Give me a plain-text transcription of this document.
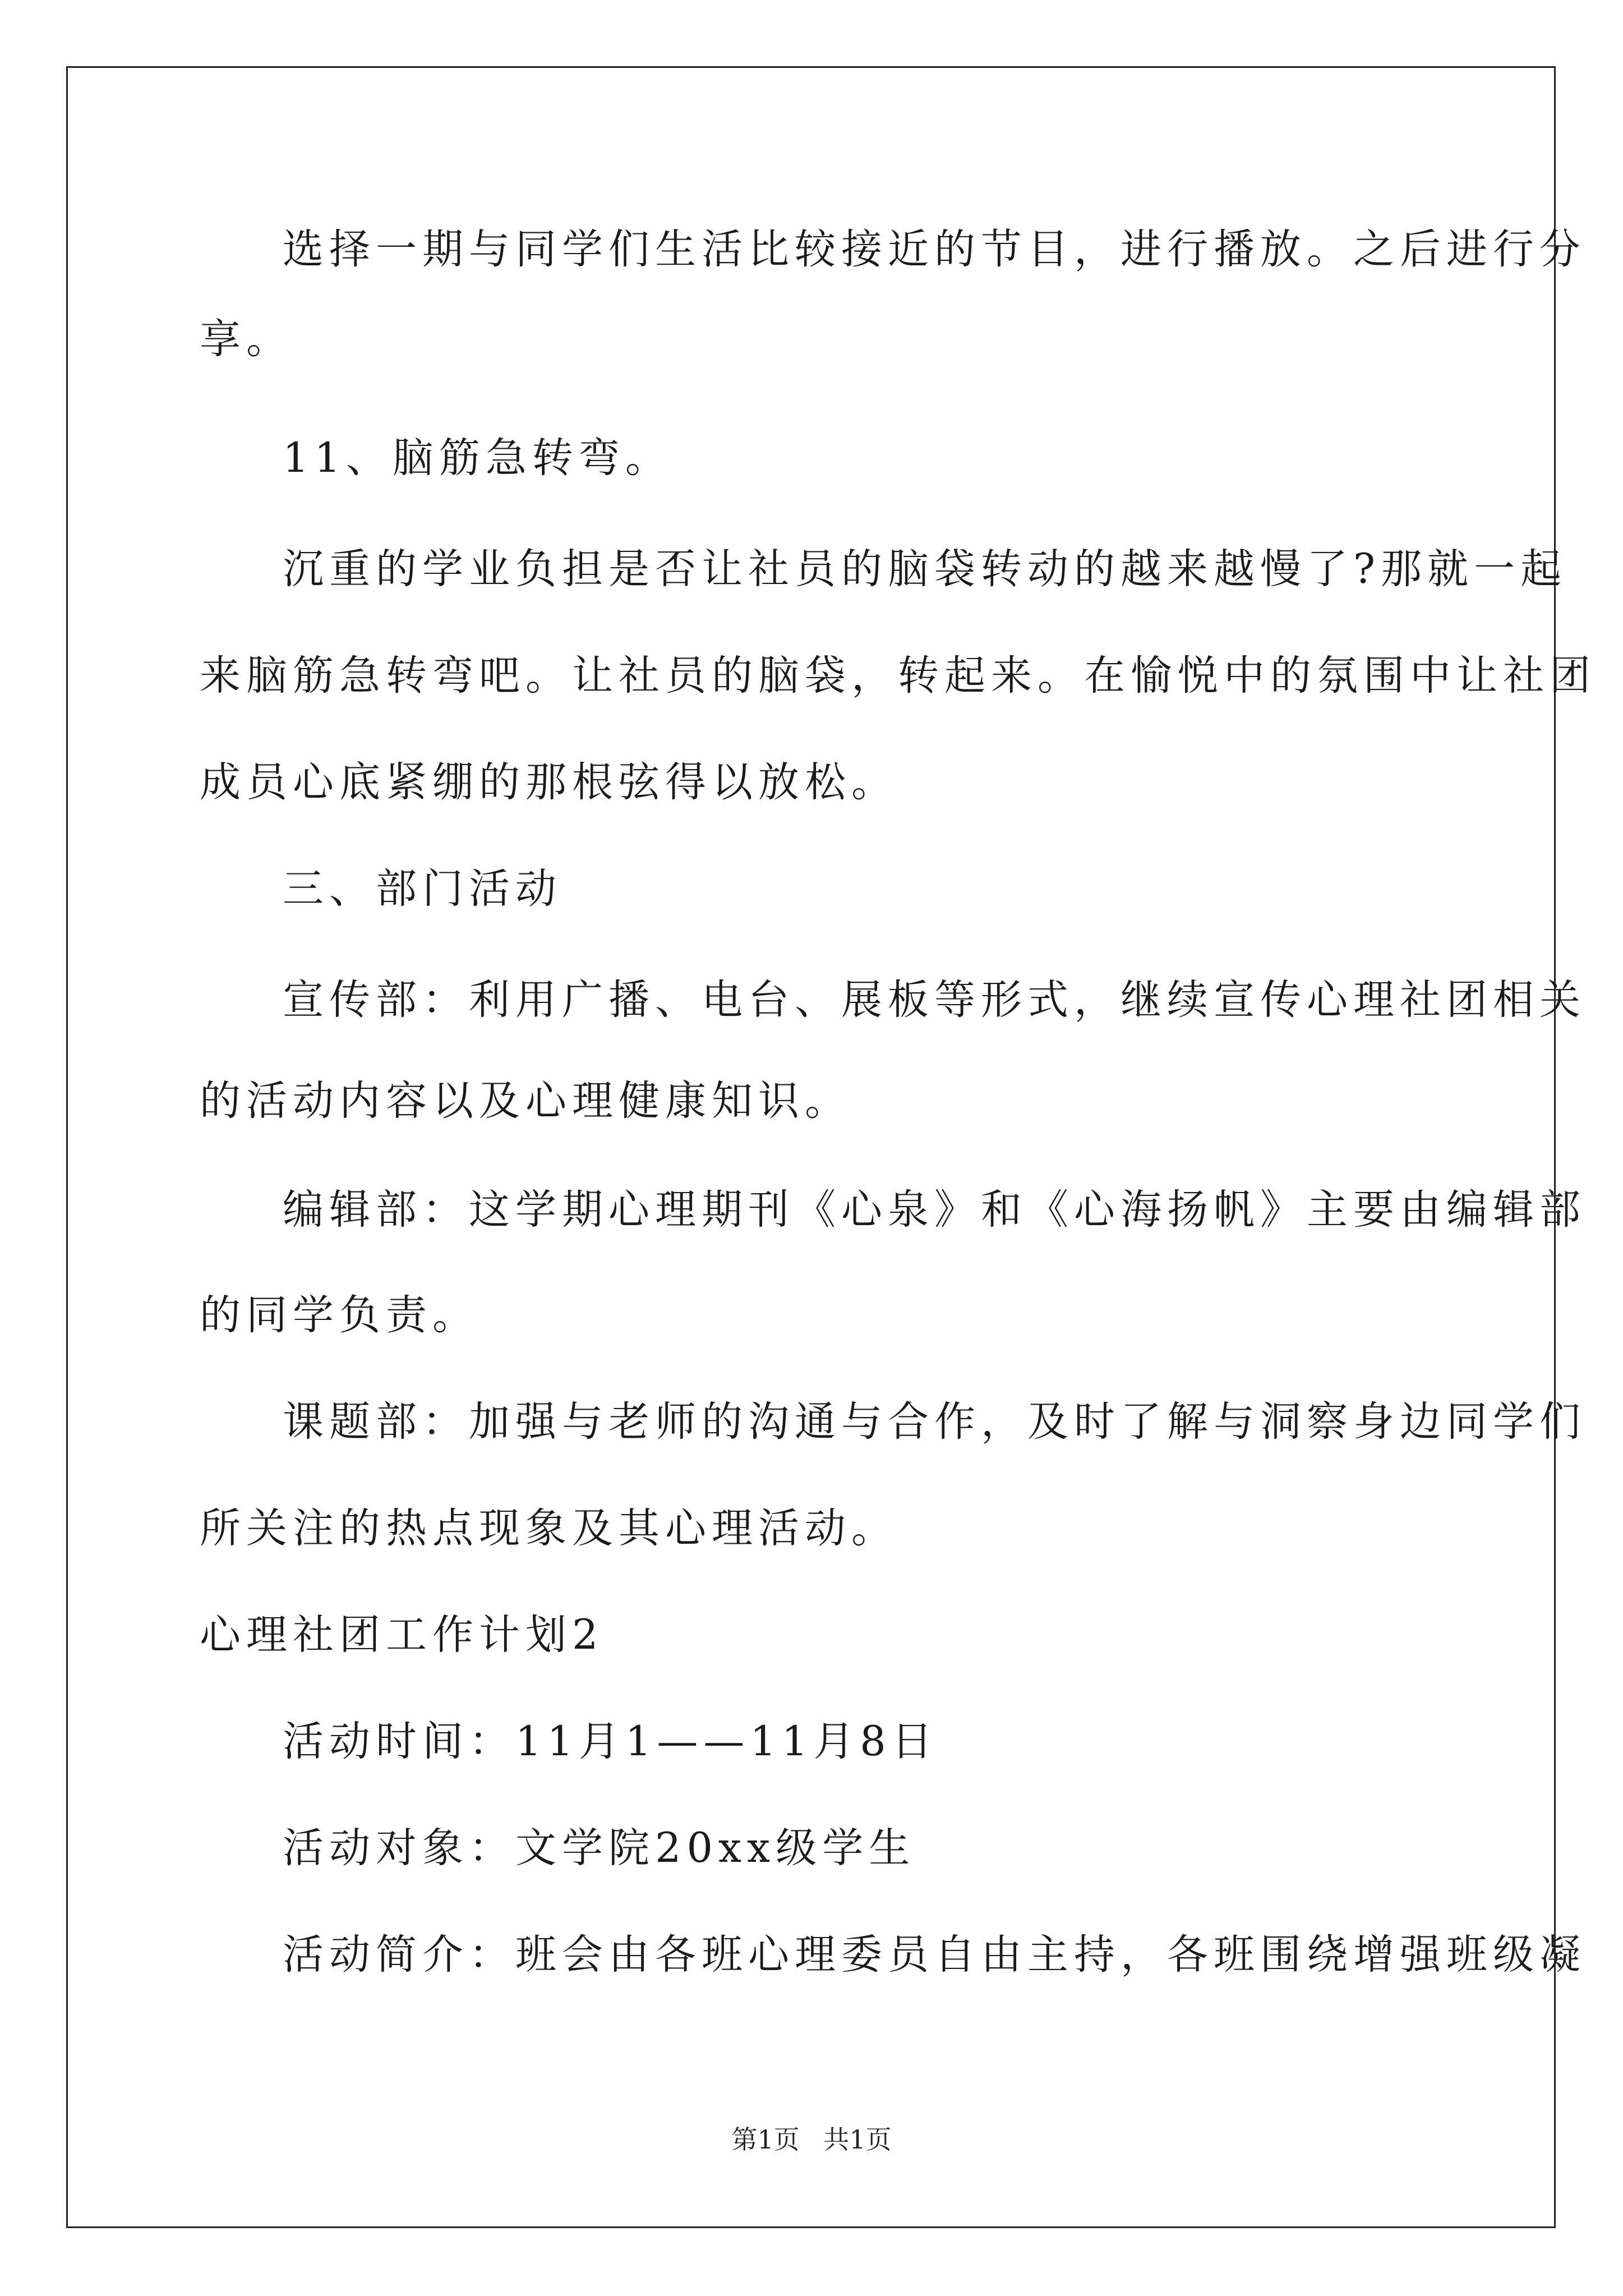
选择一期与同学们生活比较接近的节目，进行播放。之后进行分
享。
11、脑筋急转弯。
沉重的学业负担是否让社员的脑袋转动的越来越慢了?那就一起
来脑筋急转弯吧。让社员的脑袋，转起来。在愉悦中的氛围中让社团
成员心底紧绷的那根弦得以放松。
三、部门活动
宣传部：利用广播、电台、展板等形式，继续宣传心理社团相关
的活动内容以及心理健康知识。
编辑部：这学期心理期刊《心泉》和《心海扬帆》主要由编辑部
的同学负责。
课题部：加强与老师的沟通与合作，及时了解与洞察身边同学们
所关注的热点现象及其心理活动。
心理社团工作计划2
活动时间：11月1——11月8日
活动对象：文学院20xx级学生
活动简介：班会由各班心理委员自由主持，各班围绕增强班级凝
第1页 共1页
